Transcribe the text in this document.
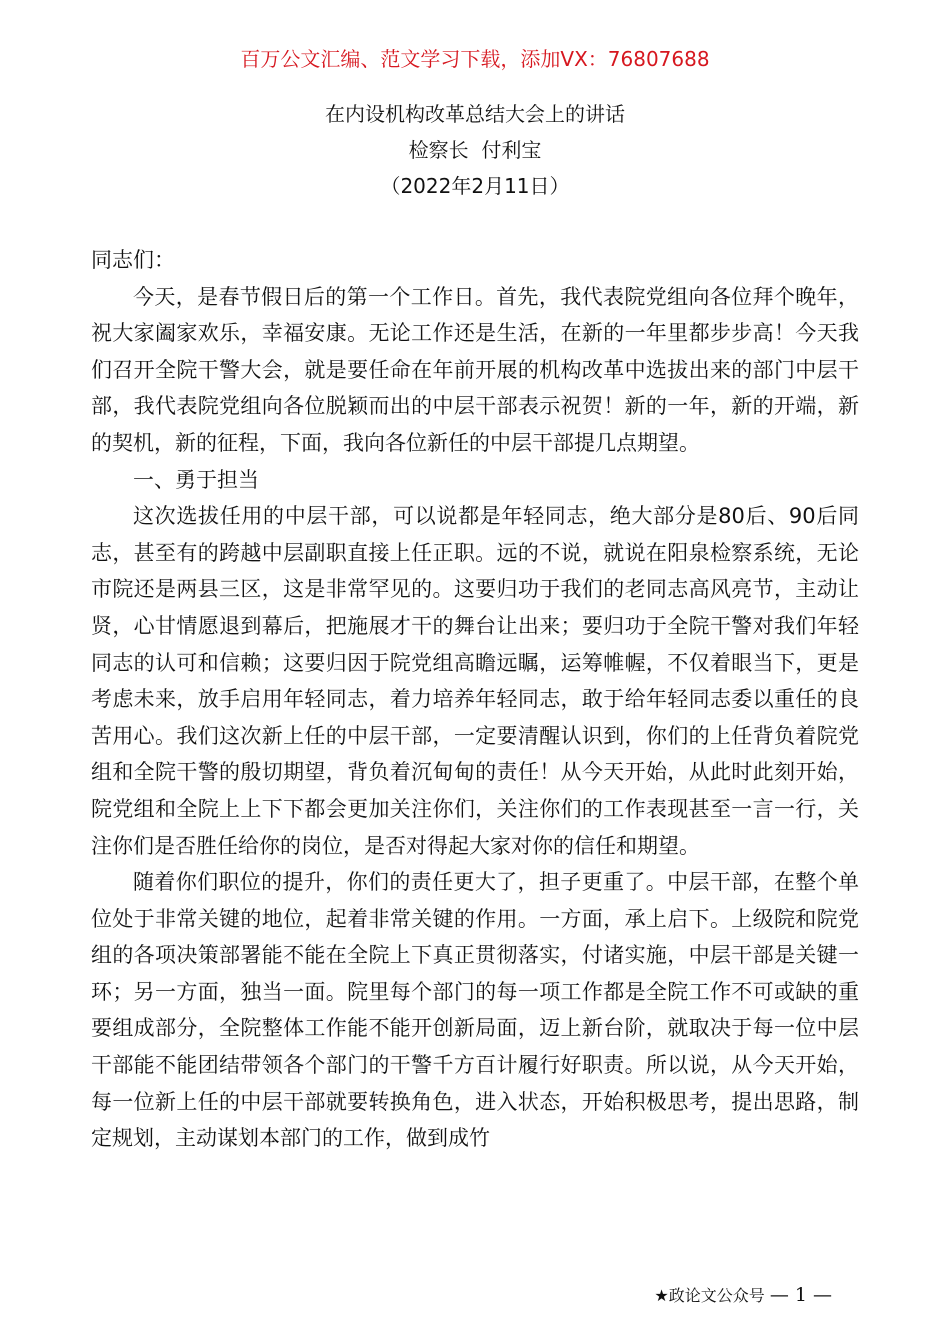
百万公文汇编、范文学习下载，添加VX：76807688
在内设机构改革总结大会上的讲话
检察长  付利宝
（2022年2月11日）

同志们：

今天，是春节假日后的第一个工作日。首先，我代表院党组向各位拜个晚年，祝大家阖家欢乐，幸福安康。无论工作还是生活，在新的一年里都步步高！今天我们召开全院干警大会，就是要任命在年前开展的机构改革中选拔出来的部门中层干部，我代表院党组向各位脱颖而出的中层干部表示祝贺！新的一年，新的开端，新的契机，新的征程，下面，我向各位新任的中层干部提几点期望。

一、勇于担当

这次选拔任用的中层干部，可以说都是年轻同志，绝大部分是80后、90后同志，甚至有的跨越中层副职直接上任正职。远的不说，就说在阳泉检察系统，无论市院还是两县三区，这是非常罕见的。这要归功于我们的老同志高风亮节，主动让贤，心甘情愿退到幕后，把施展才干的舞台让出来；要归功于全院干警对我们年轻同志的认可和信赖；这要归因于院党组高瞻远瞩，运筹帷幄，不仅着眼当下，更是考虑未来，放手启用年轻同志，着力培养年轻同志，敢于给年轻同志委以重任的良苦用心。我们这次新上任的中层干部，一定要清醒认识到，你们的上任背负着院党组和全院干警的殷切期望，背负着沉甸甸的责任！从今天开始，从此时此刻开始，院党组和全院上上下下都会更加关注你们，关注你们的工作表现甚至一言一行，关注你们是否胜任给你的岗位，是否对得起大家对你的信任和期望。

随着你们职位的提升，你们的责任更大了，担子更重了。中层干部，在整个单位处于非常关键的地位，起着非常关键的作用。一方面，承上启下。上级院和院党组的各项决策部署能不能在全院上下真正贯彻落实，付诸实施，中层干部是关键一环；另一方面，独当一面。院里每个部门的每一项工作都是全院工作不可或缺的重要组成部分，全院整体工作能不能开创新局面，迈上新台阶，就取决于每一位中层干部能不能团结带领各个部门的干警千方百计履行好职责。所以说，从今天开始，每一位新上任的中层干部就要转换角色，进入状态，开始积极思考，提出思路，制定规划，主动谋划本部门的工作，做到成竹

★政论文公众号 — 1 —
